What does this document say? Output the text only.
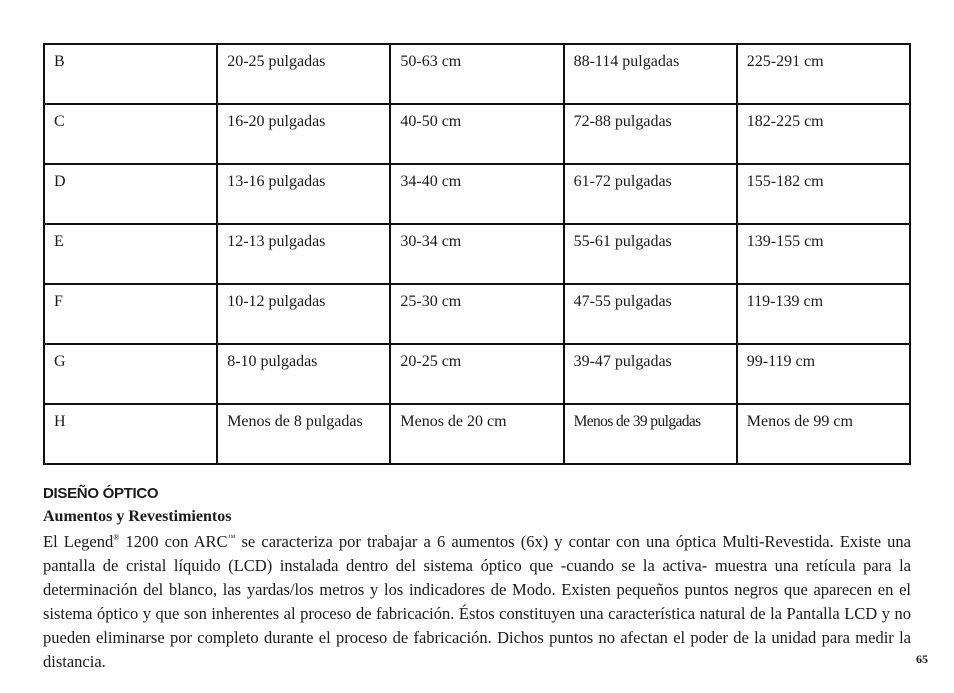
B	20-25 pulgadas	50-63 cm	88-114 pulgadas	225-291 cm
C	16-20 pulgadas	40-50 cm	72-88 pulgadas	182-225 cm
D	13-16 pulgadas	34-40 cm	61-72 pulgadas	155-182 cm
E	12-13 pulgadas	30-34 cm	55-61 pulgadas	139-155 cm
F	10-12 pulgadas	25-30 cm	47-55 pulgadas	119-139 cm
G	8-10 pulgadas	20-25 cm	39-47 pulgadas	99-119 cm
H	Menos de 8 pulgadas	Menos de 20 cm	Menos de 39 pulgadas	Menos de 99 cm
DISEÑO ÓPTICO
Aumentos y Revestimientos
El Legend® 1200 con ARC™ se caracteriza por trabajar a 6 aumentos (6x) y contar con una óptica Multi-Revestida. Existe una pantalla de cristal líquido (LCD) instalada dentro del sistema óptico que -cuando se la activa- muestra una retícula para la determinación del blanco, las yardas/los metros y los indicadores de Modo. Existen pequeños puntos negros que aparecen en el sistema óptico y que son inherentes al proceso de fabricación. Éstos constituyen una característica natural de la Pantalla LCD y no pueden eliminarse por completo durante el proceso de fabricación. Dichos puntos no afectan el poder de la unidad para medir la distancia.	65
